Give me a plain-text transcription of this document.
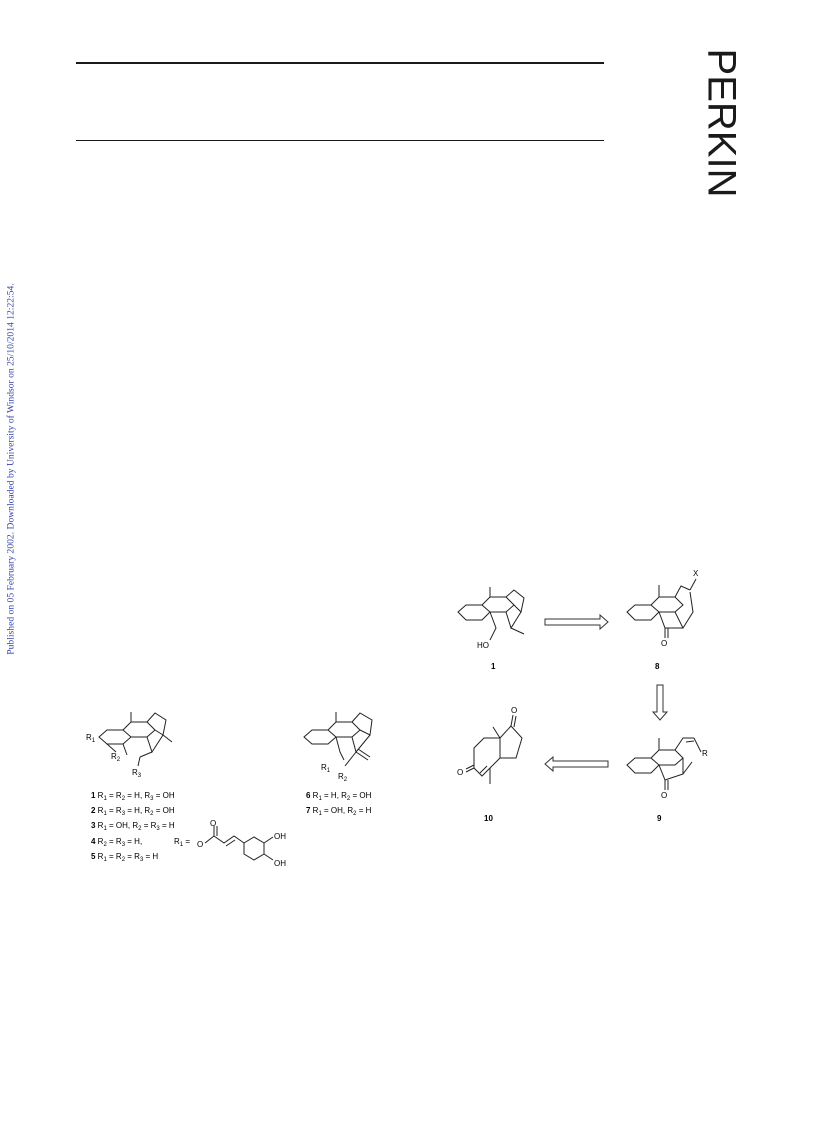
PERKIN
Published on 05 February 2002. Downloaded by University of Windsor on 25/10/2014 12:22:54.
$R_1$
$R_2$
$R_3$
1 $R_1 = R_2 = H$, $R_3$ = OH
2 $R_1 = R_3 = H$, $R_2$ = OH
3 $R_1$ = OH, $R_2 = R_3 = H$
4 $R_2 = R_3 = H$,	$R_1$ =
5 $R_1 = R_2 = R_3 = H$
O
O
OH
OH
$R_1$
$R_2$
6 $R_1 = H$, $R_2$ = OH
7 $R_1$ = OH, $R_2 = H$
HO
1
X
O
8
R
O
9
O
O
10
